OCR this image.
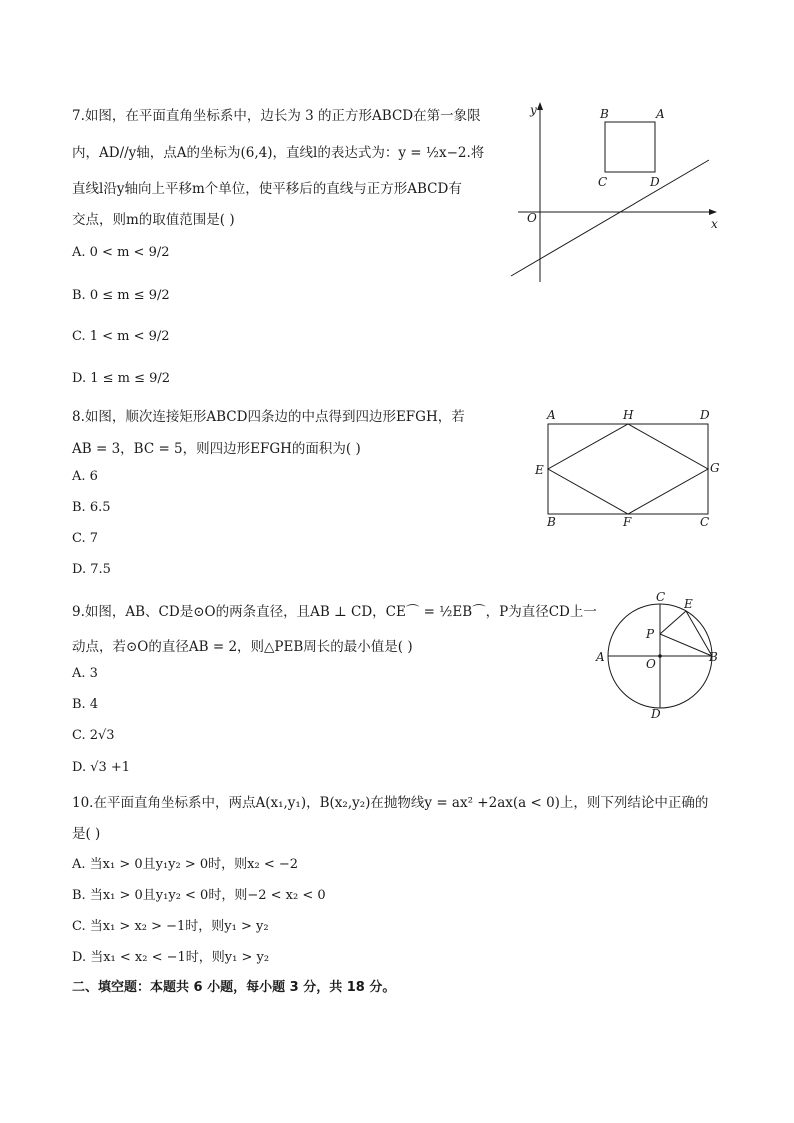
7.如图，在平面直角坐标系中，边长为 3 的正方形ABCD在第一象限
内，AD//y轴，点A的坐标为(6,4)，直线l的表达式为：y = ½x−2.将
直线l沿y轴向上平移m个单位，使平移后的直线与正方形ABCD有
交点，则m的取值范围是( )
A. 0 < m < 9/2
B. 0 ≤ m ≤ 9/2
C. 1 < m < 9/2
D. 1 ≤ m ≤ 9/2
y
x
O
B	A
C	D
8.如图，顺次连接矩形ABCD四条边的中点得到四边形EFGH，若
AB = 3，BC = 5，则四边形EFGH的面积为( )
A. 6
B. 6.5
C. 7
D. 7.5
A	H	D
E	G
B	F	C
9.如图，AB、CD是⊙O的两条直径，且AB ⊥ CD，CE⌒ = ½EB⌒，P为直径CD上一
动点，若⊙O的直径AB = 2，则△PEB周长的最小值是( )
A. 3
B. 4
C. 2√3
D. √3 +1
C E
P
A	O	B
D
10.在平面直角坐标系中，两点A(x₁,y₁)，B(x₂,y₂)在抛物线y = ax² +2ax(a < 0)上，则下列结论中正确的
是( )
A. 当x₁ > 0且y₁y₂ > 0时，则x₂ < −2
B. 当x₁ > 0且y₁y₂ < 0时，则−2 < x₂ < 0
C. 当x₁ > x₂ > −1时，则y₁ > y₂
D. 当x₁ < x₂ < −1时，则y₁ > y₂
二、填空题：本题共 6 小题，每小题 3 分，共 18 分。
